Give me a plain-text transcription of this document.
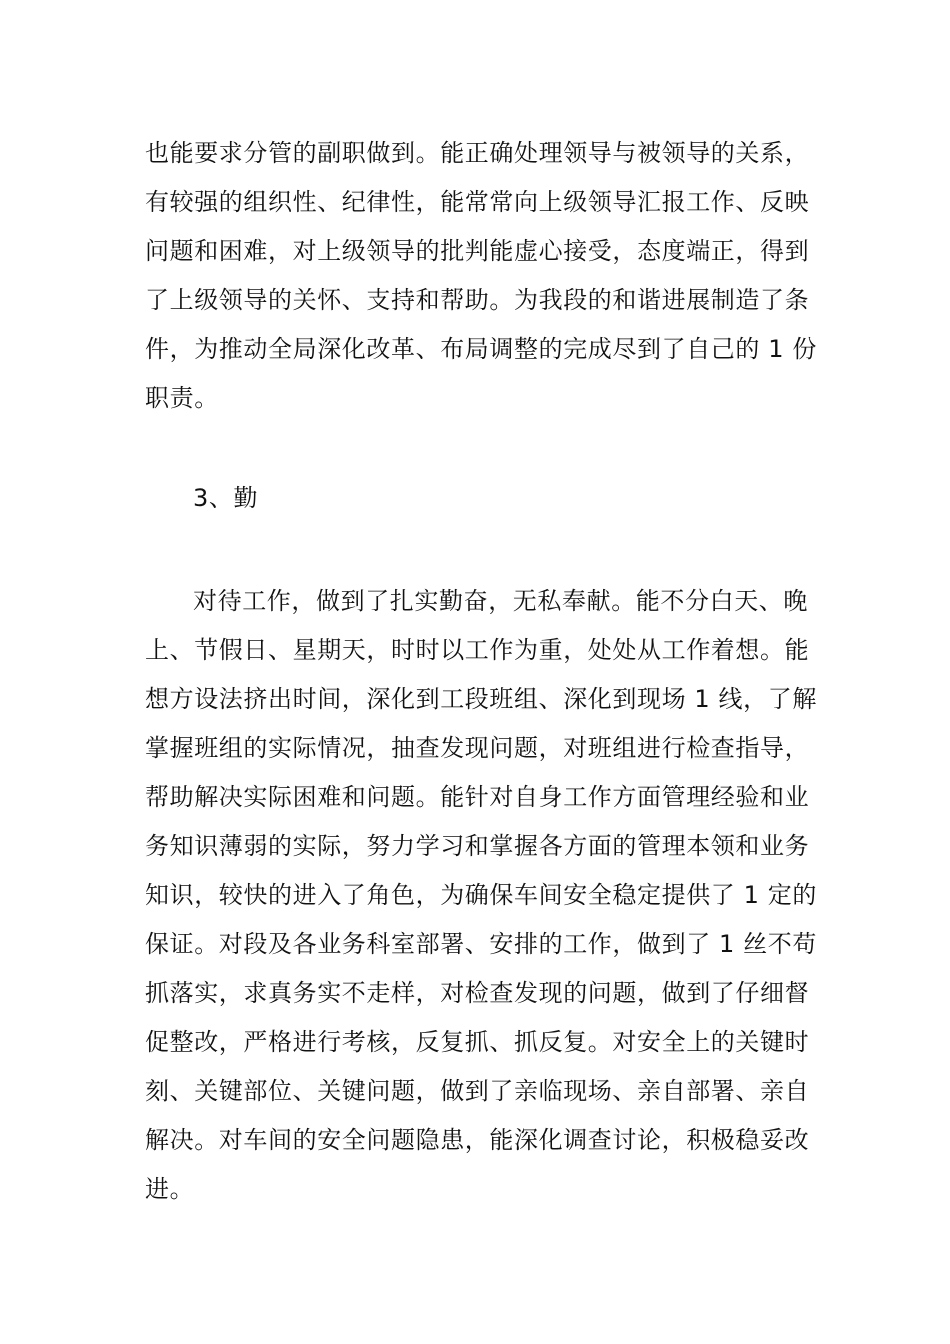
也能要求分管的副职做到。能正确处理领导与被领导的关系，
有较强的组织性、纪律性，能常常向上级领导汇报工作、反映
问题和困难，对上级领导的批判能虚心接受，态度端正，得到
了上级领导的关怀、支持和帮助。为我段的和谐进展制造了条
件，为推动全局深化改革、布局调整的完成尽到了自己的 1 份
职责。
3、勤
对待工作，做到了扎实勤奋，无私奉献。能不分白天、晚
上、节假日、星期天，时时以工作为重，处处从工作着想。能
想方设法挤出时间，深化到工段班组、深化到现场 1 线，了解
掌握班组的实际情况，抽查发现问题，对班组进行检查指导，
帮助解决实际困难和问题。能针对自身工作方面管理经验和业
务知识薄弱的实际，努力学习和掌握各方面的管理本领和业务
知识，较快的进入了角色，为确保车间安全稳定提供了 1 定的
保证。对段及各业务科室部署、安排的工作，做到了 1 丝不苟
抓落实，求真务实不走样，对检查发现的问题，做到了仔细督
促整改，严格进行考核，反复抓、抓反复。对安全上的关键时
刻、关键部位、关键问题，做到了亲临现场、亲自部署、亲自
解决。对车间的安全问题隐患，能深化调查讨论，积极稳妥改
进。
